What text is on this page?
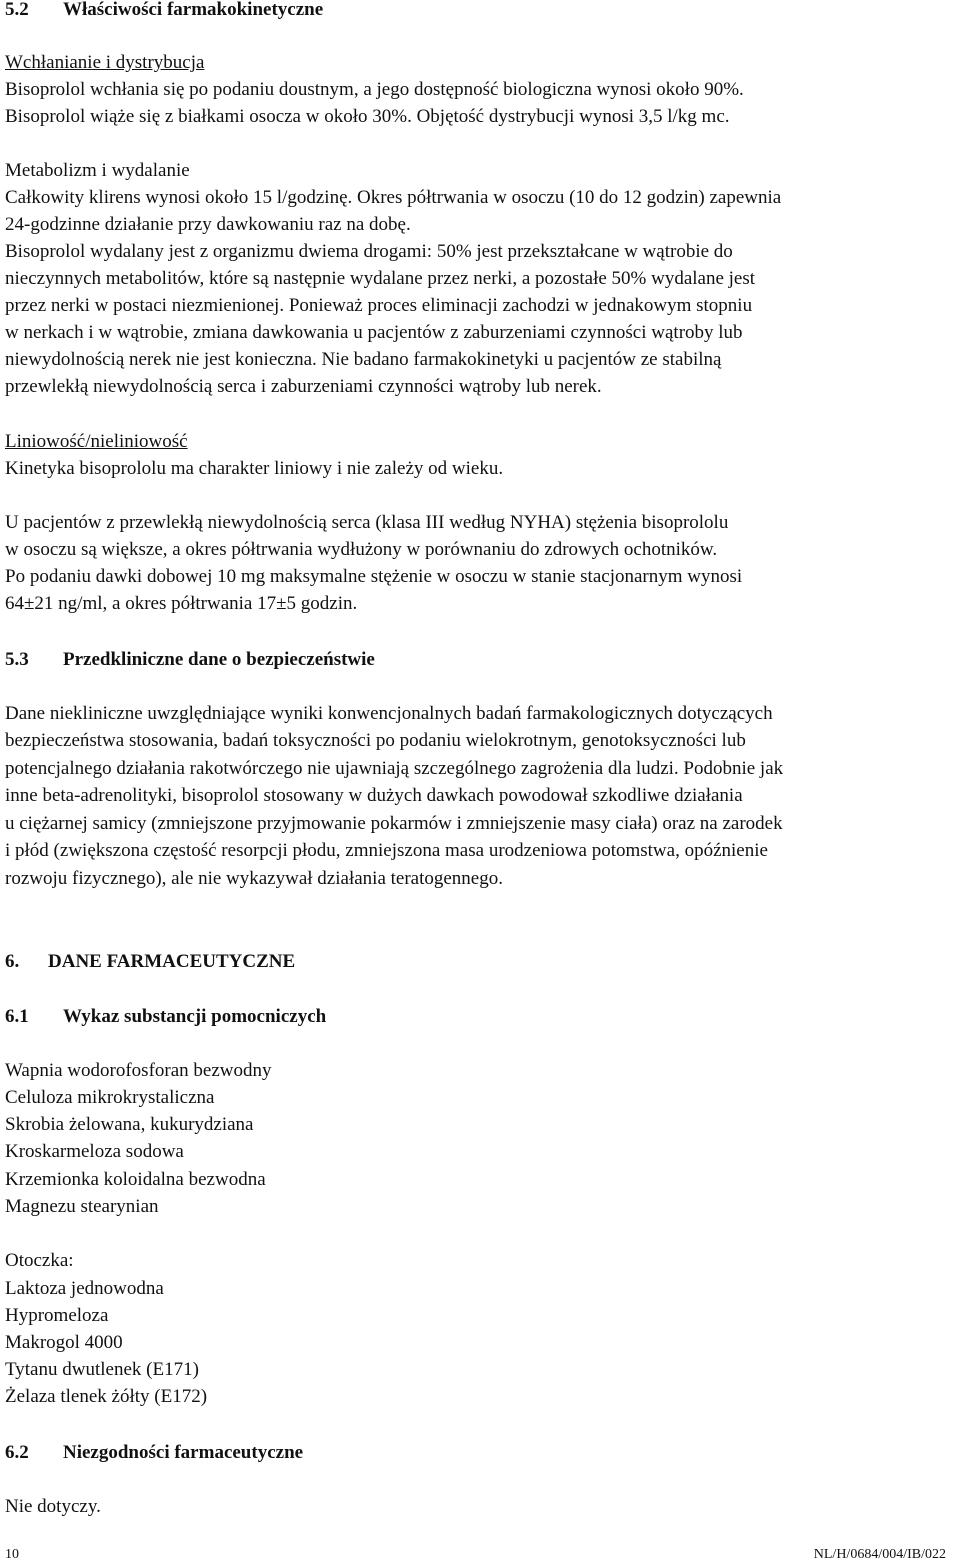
5.2 Właściwości farmakokinetyczne
Wchłanianie i dystrybucja
Bisoprolol wchłania się po podaniu doustnym, a jego dostępność biologiczna wynosi około 90%.
Bisoprolol wiąże się z białkami osocza w około 30%. Objętość dystrybucji wynosi 3,5 l/kg mc.
Metabolizm i wydalanie
Całkowity klirens wynosi około 15 l/godzinę. Okres półtrwania w osoczu (10 do 12 godzin) zapewnia
24-godzinne działanie przy dawkowaniu raz na dobę.
Bisoprolol wydalany jest z organizmu dwiema drogami: 50% jest przekształcane w wątrobie do
nieczynnych metabolitów, które są następnie wydalane przez nerki, a pozostałe 50% wydalane jest
przez nerki w postaci niezmienionej. Ponieważ proces eliminacji zachodzi w jednakowym stopniu
w nerkach i w wątrobie, zmiana dawkowania u pacjentów z zaburzeniami czynności wątroby lub
niewydolnością nerek nie jest konieczna. Nie badano farmakokinetyki u pacjentów ze stabilną
przewlekłą niewydolnością serca i zaburzeniami czynności wątroby lub nerek.
Liniowość/nieliniowość
Kinetyka bisoprololu ma charakter liniowy i nie zależy od wieku.
U pacjentów z przewlekłą niewydolnością serca (klasa III według NYHA) stężenia bisoprololu
w osoczu są większe, a okres półtrwania wydłużony w porównaniu do zdrowych ochotników.
Po podaniu dawki dobowej 10 mg maksymalne stężenie w osoczu w stanie stacjonarnym wynosi
64±21 ng/ml, a okres półtrwania 17±5 godzin.
5.3 Przedkliniczne dane o bezpieczeństwie
Dane niekliniczne uwzględniające wyniki konwencjonalnych badań farmakologicznych dotyczących
bezpieczeństwa stosowania, badań toksyczności po podaniu wielokrotnym, genotoksyczności lub
potencjalnego działania rakotwórczego nie ujawniają szczególnego zagrożenia dla ludzi. Podobnie jak
inne beta-adrenolityki, bisoprolol stosowany w dużych dawkach powodował szkodliwe działania
u ciężarnej samicy (zmniejszone przyjmowanie pokarmów i zmniejszenie masy ciała) oraz na zarodek
i płód (zwiększona częstość resorpcji płodu, zmniejszona masa urodzeniowa potomstwa, opóźnienie
rozwoju fizycznego), ale nie wykazywał działania teratogennego.
6. DANE FARMACEUTYCZNE
6.1 Wykaz substancji pomocniczych
Wapnia wodorofosforan bezwodny
Celuloza mikrokrystaliczna
Skrobia żelowana, kukurydziana
Kroskarmeloza sodowa
Krzemionka koloidalna bezwodna
Magnezu stearynian
Otoczka:
Laktoza jednowodna
Hypromeloza
Makrogol 4000
Tytanu dwutlenek (E171)
Żelaza tlenek żółty (E172)
6.2 Niezgodności farmaceutyczne
Nie dotyczy.
10	NL/H/0684/004/IB/022
